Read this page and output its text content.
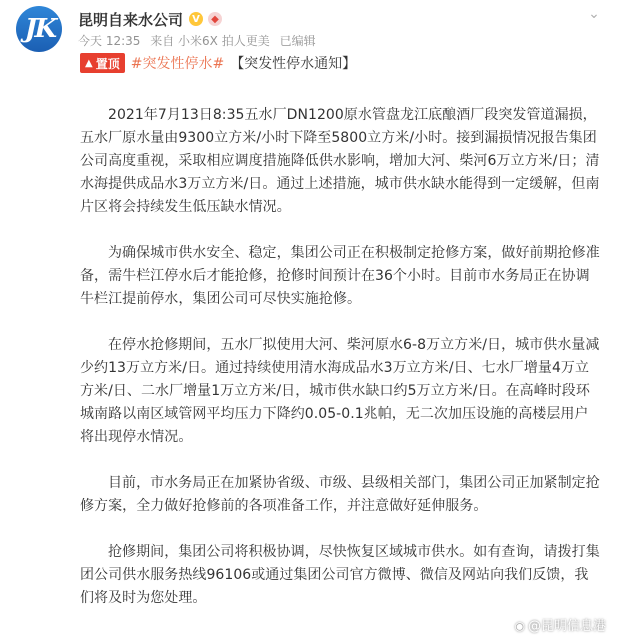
JK 昆明自来水公司 V	◆
今天 12:35 来自 小米6X 拍人更美 已编辑
⌄
▲ 置顶 #突发性停水# 【突发性停水通知】

2021年7月13日8:35五水厂DN1200原水管盘龙江底酿酒厂段突发管道漏损，五水厂原水量由9300立方米/小时下降至5800立方米/小时。接到漏损情况报告集团公司高度重视，采取相应调度措施降低供水影响，增加大河、柴河6万立方米/日；清水海提供成品水3万立方米/日。通过上述措施，城市供水缺水能得到一定缓解，但南片区将会持续发生低压缺水情况。

为确保城市供水安全、稳定，集团公司正在积极制定抢修方案，做好前期抢修准备，需牛栏江停水后才能抢修，抢修时间预计在36个小时。目前市水务局正在协调牛栏江提前停水，集团公司可尽快实施抢修。

在停水抢修期间，五水厂拟使用大河、柴河原水6-8万立方米/日，城市供水量减少约13万立方米/日。通过持续使用清水海成品水3万立方米/日、七水厂增量4万立方米/日、二水厂增量1万立方米/日，城市供水缺口约5万立方米/日。在高峰时段环城南路以南区域管网平均压力下降约0.05-0.1兆帕，无二次加压设施的高楼层用户将出现停水情况。

目前，市水务局正在加紧协省级、市级、县级相关部门，集团公司正加紧制定抢修方案，全力做好抢修前的各项准备工作，并注意做好延伸服务。

抢修期间，集团公司将积极协调，尽快恢复区域城市供水。如有查询，请拨打集团公司供水服务热线96106或通过集团公司官方微博、微信及网站向我们反馈，我们将及时为您处理。

◉ @昆明信息港
